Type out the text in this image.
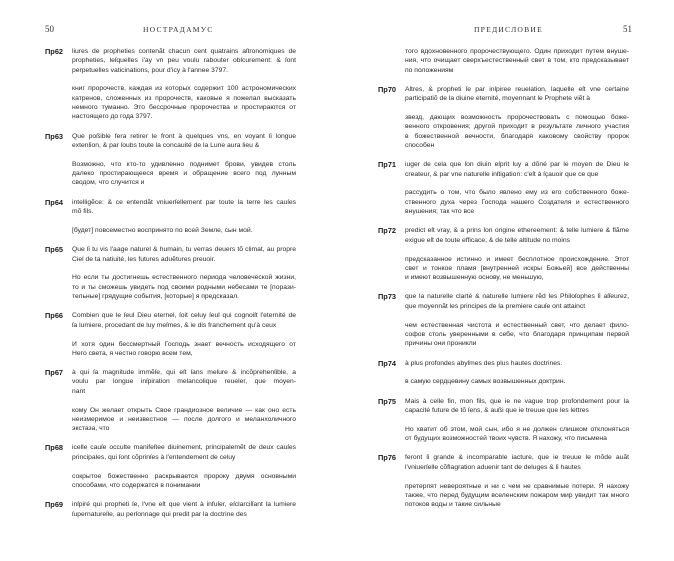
50	НОСТРАДАМУС
Пр62 liures de propheties contenãt chacun cent quatrains aſtronomiques de
propheties, leſquelles i'ay vn peu voulu rabouter obſcurement: & ſont
perpetuelles vaticinations, pour d'icy à l'annee 3797.
книг пророчеств, каждая из которых содержит 100 астрономических
катренов, сложенных из пророчеств, каковые я пожелал высказать
немного туманно. Это бессрочные пророчества и простираются от
настоящего до года 3797.
Пр63 Que poßible fera retirer le front à quelques vns, en voyant ſi longue
extenſion, & par ſoubs toute la concauité de la Lune aura lieu &
Возможно, что кто-то удивленно поднимет брови, увидев столь
далеко простирающееся время и обращение всего под лунным
сводом, что случится и
Пр64 intelligẽce: & ce entendãt vniuerſellement par toute la terre les cauſes
mõ fils.
[будет] повсеместно воспринято по всей Земле, сын мой.
Пр65 Que ſi tu vis l'aage naturel & humain, tu verras deuers tõ climat, au propre
Ciel de ta natiuité, les futures aduẽtures preuoir.
Но если ты достигнешь естественного периода человеческой жизни,
то и ты сможешь увидеть под своими родными небесами те [порази-
тельные] грядущие события, [которые] я предсказал.
Пр66 Combien que le ſeul Dieu eternel, ſoit celuy ſeul qui cognoiſt l'eternité de
ſa lumiere, procedant de luy meſmes, & ie dis franchement qu'à ceux
И хотя один бессмертный Господь знает вечность исходящего от
Него света, я честно говорю всем тем,
Пр67 à qui ſa magnitude immẽſe, qui eſt ſans meſure & incõprehenſible, a
voulu par longue inſpiration melancolique reueler, que moyen-
nant
кому Он желает открыть Свое грандиозное величие — как оно есть
неизмеримое и неизвестное — после долгого и меланхоличного
экстаза, что
Пр68 icelle cauſe occulte manifeſtee diuinement, principalemẽt de deux cauſes
principales, qui ſont cõprinſes à l'entendement de celuy
сокрытое божественно раскрывается пророку двумя основными
способами, что содержатся в понимании
Пр69 inſpiré qui propheti ſe, l'vne eſt que vient à infuſer, eſclarciſſant la lumiere
ſupernaturelle, au perſonnage qui predit par la doctrine des
ПРЕДИСЛОВИЕ	51
того вдохновенного пророчествующего. Один приходит путем внуше-
ния, что очищает сверхъестественный свет в том, кто предсказывает
по положениям
Пр70 Aſtres, & propheti ſe par inſpiree reuelation, laquelle eſt vne certaine
participatiõ de la diuine eternité, moyennant le Prophete viẽt à
звезд, дающих возможность пророчествовать с помощью боже-
венного откровения; другой приходит в результате личного участия
в божественной вечности, благодаря каковому свойству пророк
способен
Пр71 iuger de cela que ſon diuin eſprit luy a dõné par le moyen de Dieu le
createur, & par vne naturelle inſtigation: c'eſt à ſçauoir que ce que
рассудить о том, что было явлено ему из его собственного боже-
ственного духа через Господа нашего Создателя и естественного
внушения; так что все
Пр72 predict eſt vray, & a prins ſon origine ethereement: & telle lumiere & flãme
exigue eſt de toute efficace, & de telle altitude no moins
предсказанное истинно и имеет бесплотное происхождение. Этот
свет и тонкое пламя [внутренней искры Божьей] все действенны
и имеют возвышенную основу, не меньшую,
Пр73 que la naturelle clarté & naturelle lumiere rẽd les Philoſophes ſi aſſeurez,
que moyennãt les principes de la premiere cauſe ont attainct
чем естественная чистота и естественный свет, что делает фило-
софов столь уверенными в себе, что благодаря принципам первой
причины они проникли
Пр74 à plus profondes abyſmes des plus hautes doctrines.
в самую сердцевину самых возвышенных доктрин.
Пр75 Mais à celle fin, mon fils, que ie ne vague trop profondement pour la
capacité future de tõ ſens, & außi que ie treuue que les lettres
Но хватит об этом, мой сын, ибо я не должен слишком отклоняться
от будущих возможностей твоих чувств. Я нахожу, что письмена
Пр76 feront ſi grande & incomparable iacture, que ie treuue le mõde auãt
l'vniuerſelle cõflagration aduenir tant de deluges & ſi hautes
претерпят невероятные и ни с чем не сравнимые потери. Я нахожу
также, что перед будущим вселенским пожаром мир увидит так много
потоков воды и такие сильные
